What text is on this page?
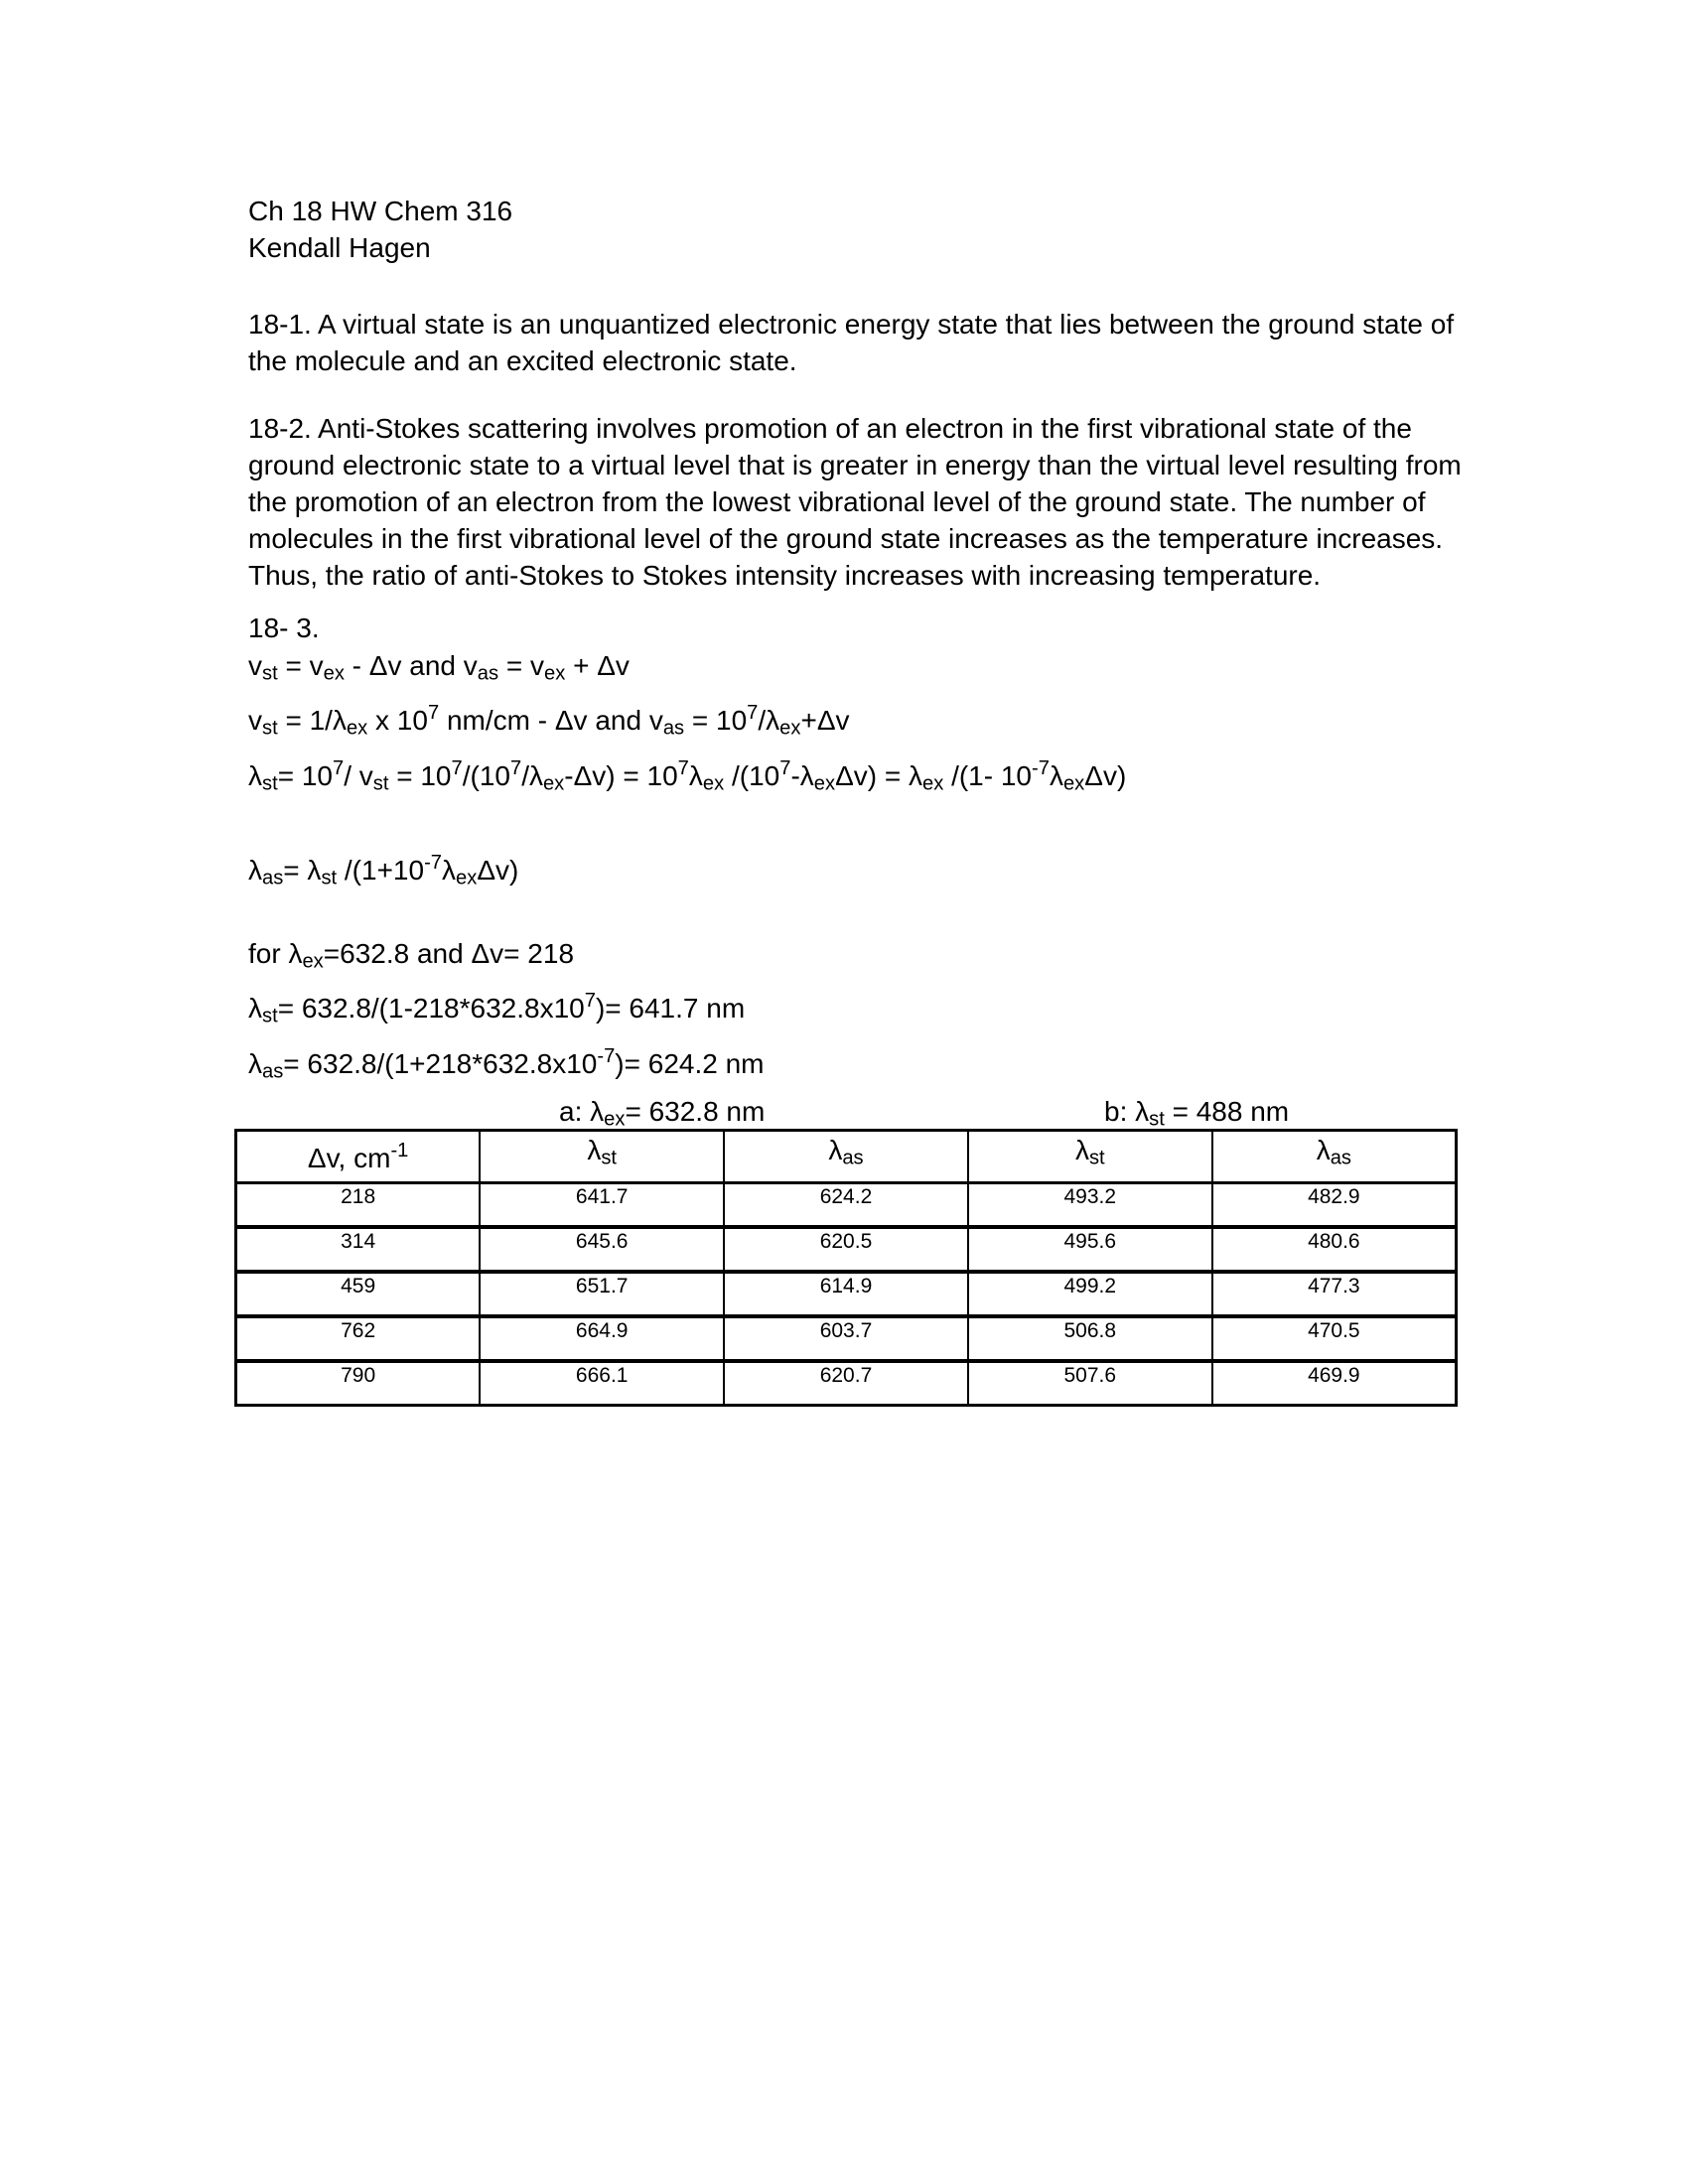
Ch 18 HW Chem 316
Kendall Hagen

18-1. A virtual state is an unquantized electronic energy state that lies between the ground state of the molecule and an excited electronic state.

18-2. Anti-Stokes scattering involves promotion of an electron in the first vibrational state of the ground electronic state to a virtual level that is greater in energy than the virtual level resulting from the promotion of an electron from the lowest vibrational level of the ground state. The number of molecules in the first vibrational level of the ground state increases as the temperature increases. Thus, the ratio of anti-Stokes to Stokes intensity increases with increasing temperature.

18- 3.
$v_{st} = v_{ex} - \Delta v$ and $v_{as} = v_{ex} + \Delta v$
$v_{st} = 1/\lambda_{ex}$ x $10^7$ nm/cm - Δv and $v_{as} = 10^7/\lambda_{ex}+\Delta v$
$\lambda_{st}= 10^7/$ $v_{st} = 10^7/(10^7/\lambda_{ex}-\Delta v) = 10^7\lambda_{ex}$ $/(10^7-\lambda_{ex}\Delta v) = \lambda_{ex}$ /(1- $10^{-7}\lambda_{ex}\Delta v$)
$\lambda_{as}= \lambda_{st}$ $/(1+10^{-7}\lambda_{ex}\Delta v)$
for $\lambda_{ex}=632.8$ and Δv= 218
$\lambda_{st}= 632.8/(1-218*632.8x10^7)= 641.7$ nm
$\lambda_{as}= 632.8/(1+218*632.8x10^{-7})= 624.2$ nm
a: $\lambda_{ex}= 632.8$ nm	b: $\lambda_{st} = 488$ nm
Δv, $cm^{-1}$	$\lambda_{st}$	$\lambda_{as}$	$\lambda_{st}$	$\lambda_{as}$
218	641.7	624.2	493.2	482.9
314	645.6	620.5	495.6	480.6
459	651.7	614.9	499.2	477.3
762	664.9	603.7	506.8	470.5
790	666.1	620.7	507.6	469.9
